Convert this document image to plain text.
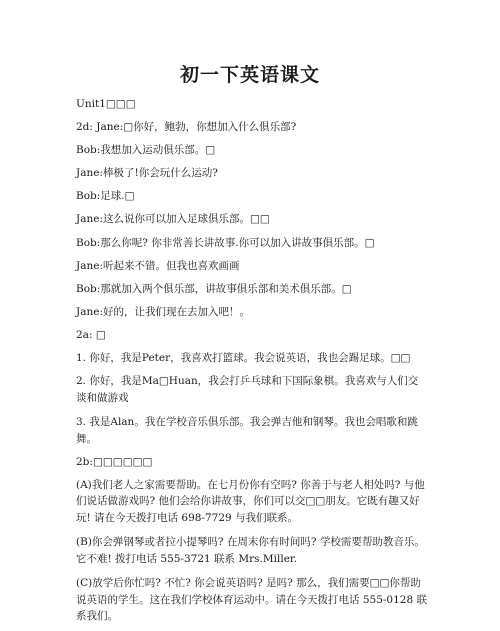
初一下英语课文

Unit1□□□

2d: Jane:□你好，鲍勃，你想加入什么俱乐部?

Bob:我想加入运动俱乐部。□

Jane:棒极了!你会玩什么运动?

Bob:足球.□

Jane:这么说你可以加入足球俱乐部。□□

Bob:那么你呢? 你非常善长讲故事.你可以加入讲故事俱乐部。□

Jane:听起来不错。但我也喜欢画画

Bob:那就加入两个俱乐部，讲故事俱乐部和美术俱乐部。□

Jane:好的，让我们现在去加入吧！。

2a: □

1. 你好，我是Peter，我喜欢打篮球。我会说英语，我也会踢足球。□□

2. 你好，我是Ma□Huan，我会打乒乓球和下国际象棋。我喜欢与人们交谈和做游戏

3. 我是Alan。我在学校音乐俱乐部。我会弹吉他和钢琴。我也会唱歌和跳舞。

2b:□□□□□□

(A)我们老人之家需要帮助。在七月份你有空吗? 你善于与老人相处吗? 与他们说话做游戏吗? 他们会给你讲故事，你们可以交□□朋友。它既有趣又好玩! 请在今天拨打电话 698-7729 与我们联系。

(B)你会弹钢琴或者拉小提琴吗? 在周末你有时间吗? 学校需要帮助教音乐。它不难! 拨打电话 555-3721 联系 Mrs.Miller.

(C)放学后你忙吗? 不忙? 你会说英语吗? 是吗? 那么，我们需要□□你帮助说英语的学生。这在我们学校体育运动中。请在今天拨打电话 555-0128 联系我们。
